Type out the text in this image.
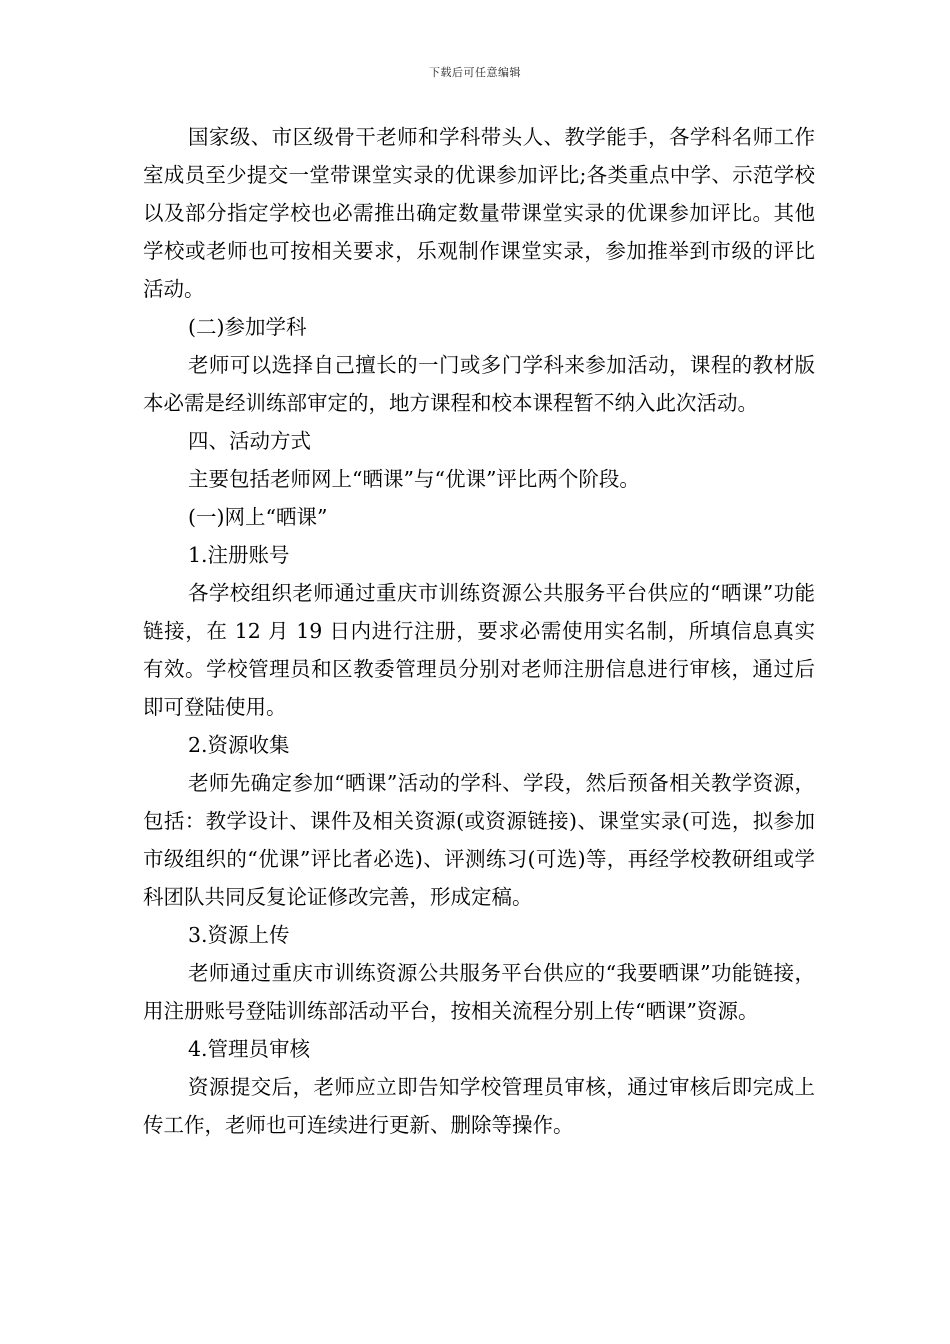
下载后可任意编辑

国家级、市区级骨干老师和学科带头人、教学能手，各学科名师工作室成员至少提交一堂带课堂实录的优课参加评比;各类重点中学、示范学校以及部分指定学校也必需推出确定数量带课堂实录的优课参加评比。其他学校或老师也可按相关要求，乐观制作课堂实录，参加推举到市级的评比活动。

(二)参加学科

老师可以选择自己擅长的一门或多门学科来参加活动，课程的教材版本必需是经训练部审定的，地方课程和校本课程暂不纳入此次活动。

四、活动方式

主要包括老师网上“晒课”与“优课”评比两个阶段。

(一)网上“晒课”

1.注册账号

各学校组织老师通过重庆市训练资源公共服务平台供应的“晒课”功能链接，在 12 月 19 日内进行注册，要求必需使用实名制，所填信息真实有效。学校管理员和区教委管理员分别对老师注册信息进行审核，通过后即可登陆使用。

2.资源收集

老师先确定参加“晒课”活动的学科、学段，然后预备相关教学资源，包括：教学设计、课件及相关资源(或资源链接)、课堂实录(可选，拟参加市级组织的“优课”评比者必选)、评测练习(可选)等，再经学校教研组或学科团队共同反复论证修改完善，形成定稿。

3.资源上传

老师通过重庆市训练资源公共服务平台供应的“我要晒课”功能链接，用注册账号登陆训练部活动平台，按相关流程分别上传“晒课”资源。

4.管理员审核

资源提交后，老师应立即告知学校管理员审核，通过审核后即完成上传工作，老师也可连续进行更新、删除等操作。
